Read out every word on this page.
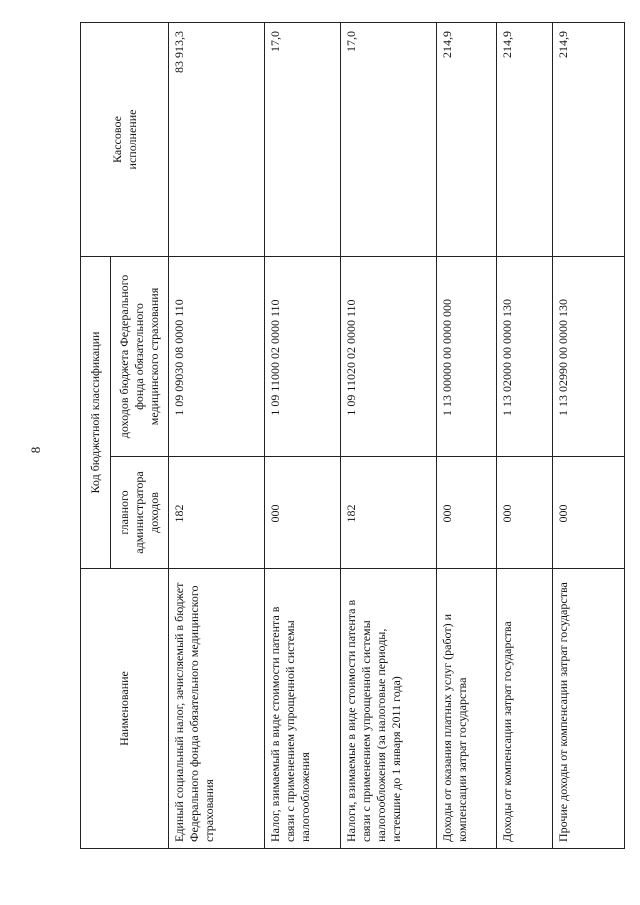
8
Наименование	Код бюджетной классификации		Кассовое исполнение
	главного администратора доходов	доходов бюджета Федерального фонда обязательного медицинского страхования	
Единый социальный налог, зачисляемый в бюджет Федерального фонда обязательного медицинского страхования	182	1 09 09030 08 0000 110	83 913,3
Налог, взимаемый в виде стоимости патента в связи с применением упрощенной системы налогообложения	000	1 09 11000 02 0000 110	17,0
Налоги, взимаемые в виде стоимости патента в связи с применением упрощенной системы налогообложения (за налоговые периоды, истекшие до 1 января 2011 года)	182	1 09 11020 02 0000 110	17,0
Доходы от оказания платных услуг (работ) и компенсации затрат государства	000	1 13 00000 00 0000 000	214,9
Доходы от компенсации затрат государства	000	1 13 02000 00 0000 130	214,9
Прочие доходы от компенсации затрат государства	000	1 13 02990 00 0000 130	214,9
